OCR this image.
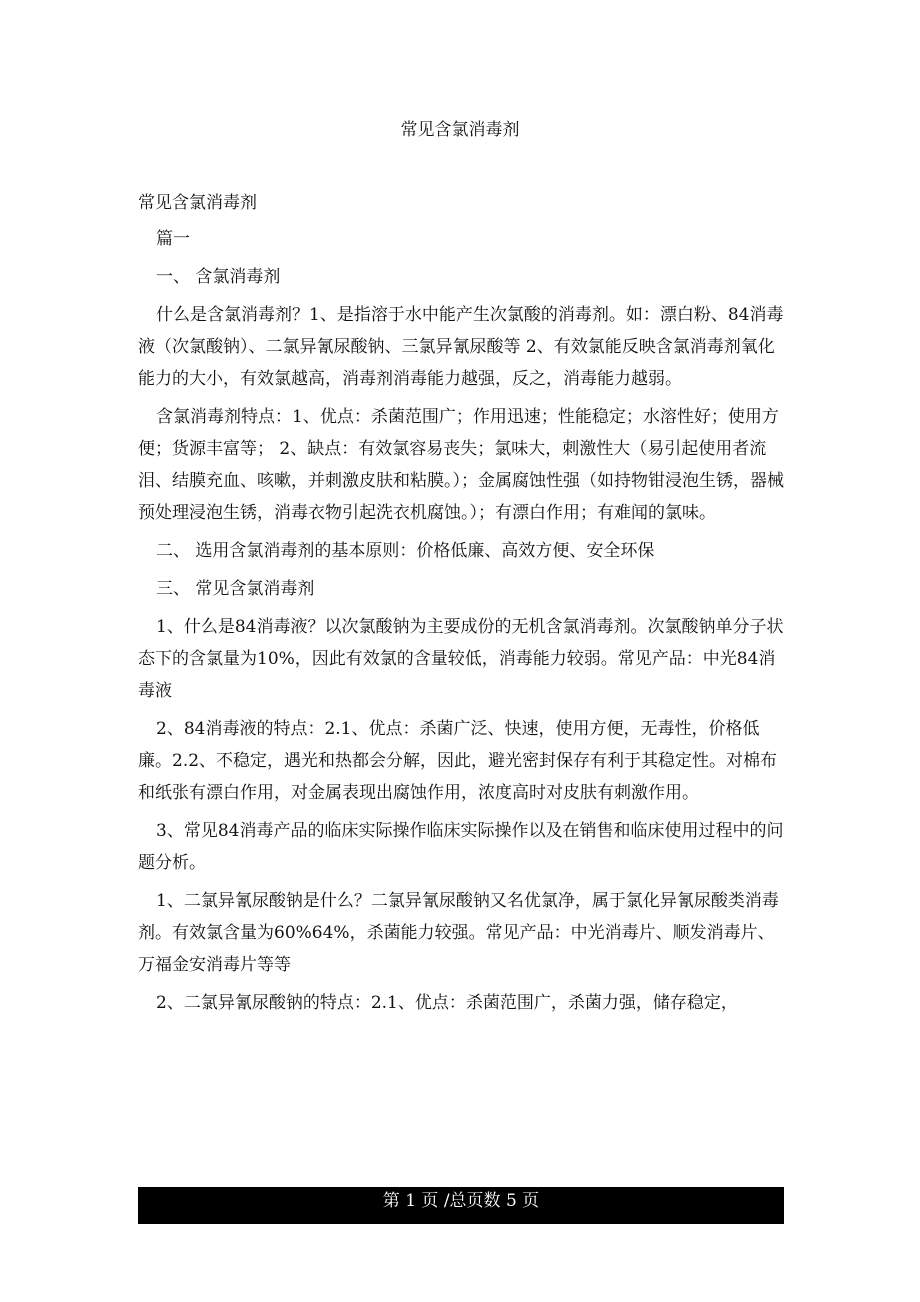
常见含氯消毒剂

常见含氯消毒剂

篇一

一、 含氯消毒剂

什么是含氯消毒剂？1、是指溶于水中能产生次氯酸的消毒剂。如：漂白粉、84消毒液（次氯酸钠）、二氯异氰尿酸钠、三氯异氰尿酸等 2、有效氯能反映含氯消毒剂氧化能力的大小，有效氯越高，消毒剂消毒能力越强，反之，消毒能力越弱。

含氯消毒剂特点：1、优点：杀菌范围广；作用迅速；性能稳定；水溶性好；使用方便；货源丰富等； 2、缺点：有效氯容易丧失；氯味大，刺激性大（易引起使用者流泪、结膜充血、咳嗽，并刺激皮肤和粘膜。）；金属腐蚀性强（如持物钳浸泡生锈，器械预处理浸泡生锈，消毒衣物引起洗衣机腐蚀。）；有漂白作用；有难闻的氯味。

二、 选用含氯消毒剂的基本原则：价格低廉、高效方便、安全环保

三、 常见含氯消毒剂

1、什么是84消毒液？以次氯酸钠为主要成份的无机含氯消毒剂。次氯酸钠单分子状态下的含氯量为10%，因此有效氯的含量较低，消毒能力较弱。常见产品：中光84消毒液

2、84消毒液的特点：2.1、优点：杀菌广泛、快速，使用方便，无毒性，价格低廉。2.2、不稳定，遇光和热都会分解，因此，避光密封保存有利于其稳定性。对棉布和纸张有漂白作用，对金属表现出腐蚀作用，浓度高时对皮肤有刺激作用。

3、常见84消毒产品的临床实际操作临床实际操作以及在销售和临床使用过程中的问题分析。

1、二氯异氰尿酸钠是什么？二氯异氰尿酸钠又名优氯净，属于氯化异氰尿酸类消毒剂。有效氯含量为60%64%，杀菌能力较强。常见产品：中光消毒片、顺发消毒片、万福金安消毒片等等

2、二氯异氰尿酸钠的特点：2.1、优点：杀菌范围广，杀菌力强，储存稳定，

第 1 页 /总页数 5 页
